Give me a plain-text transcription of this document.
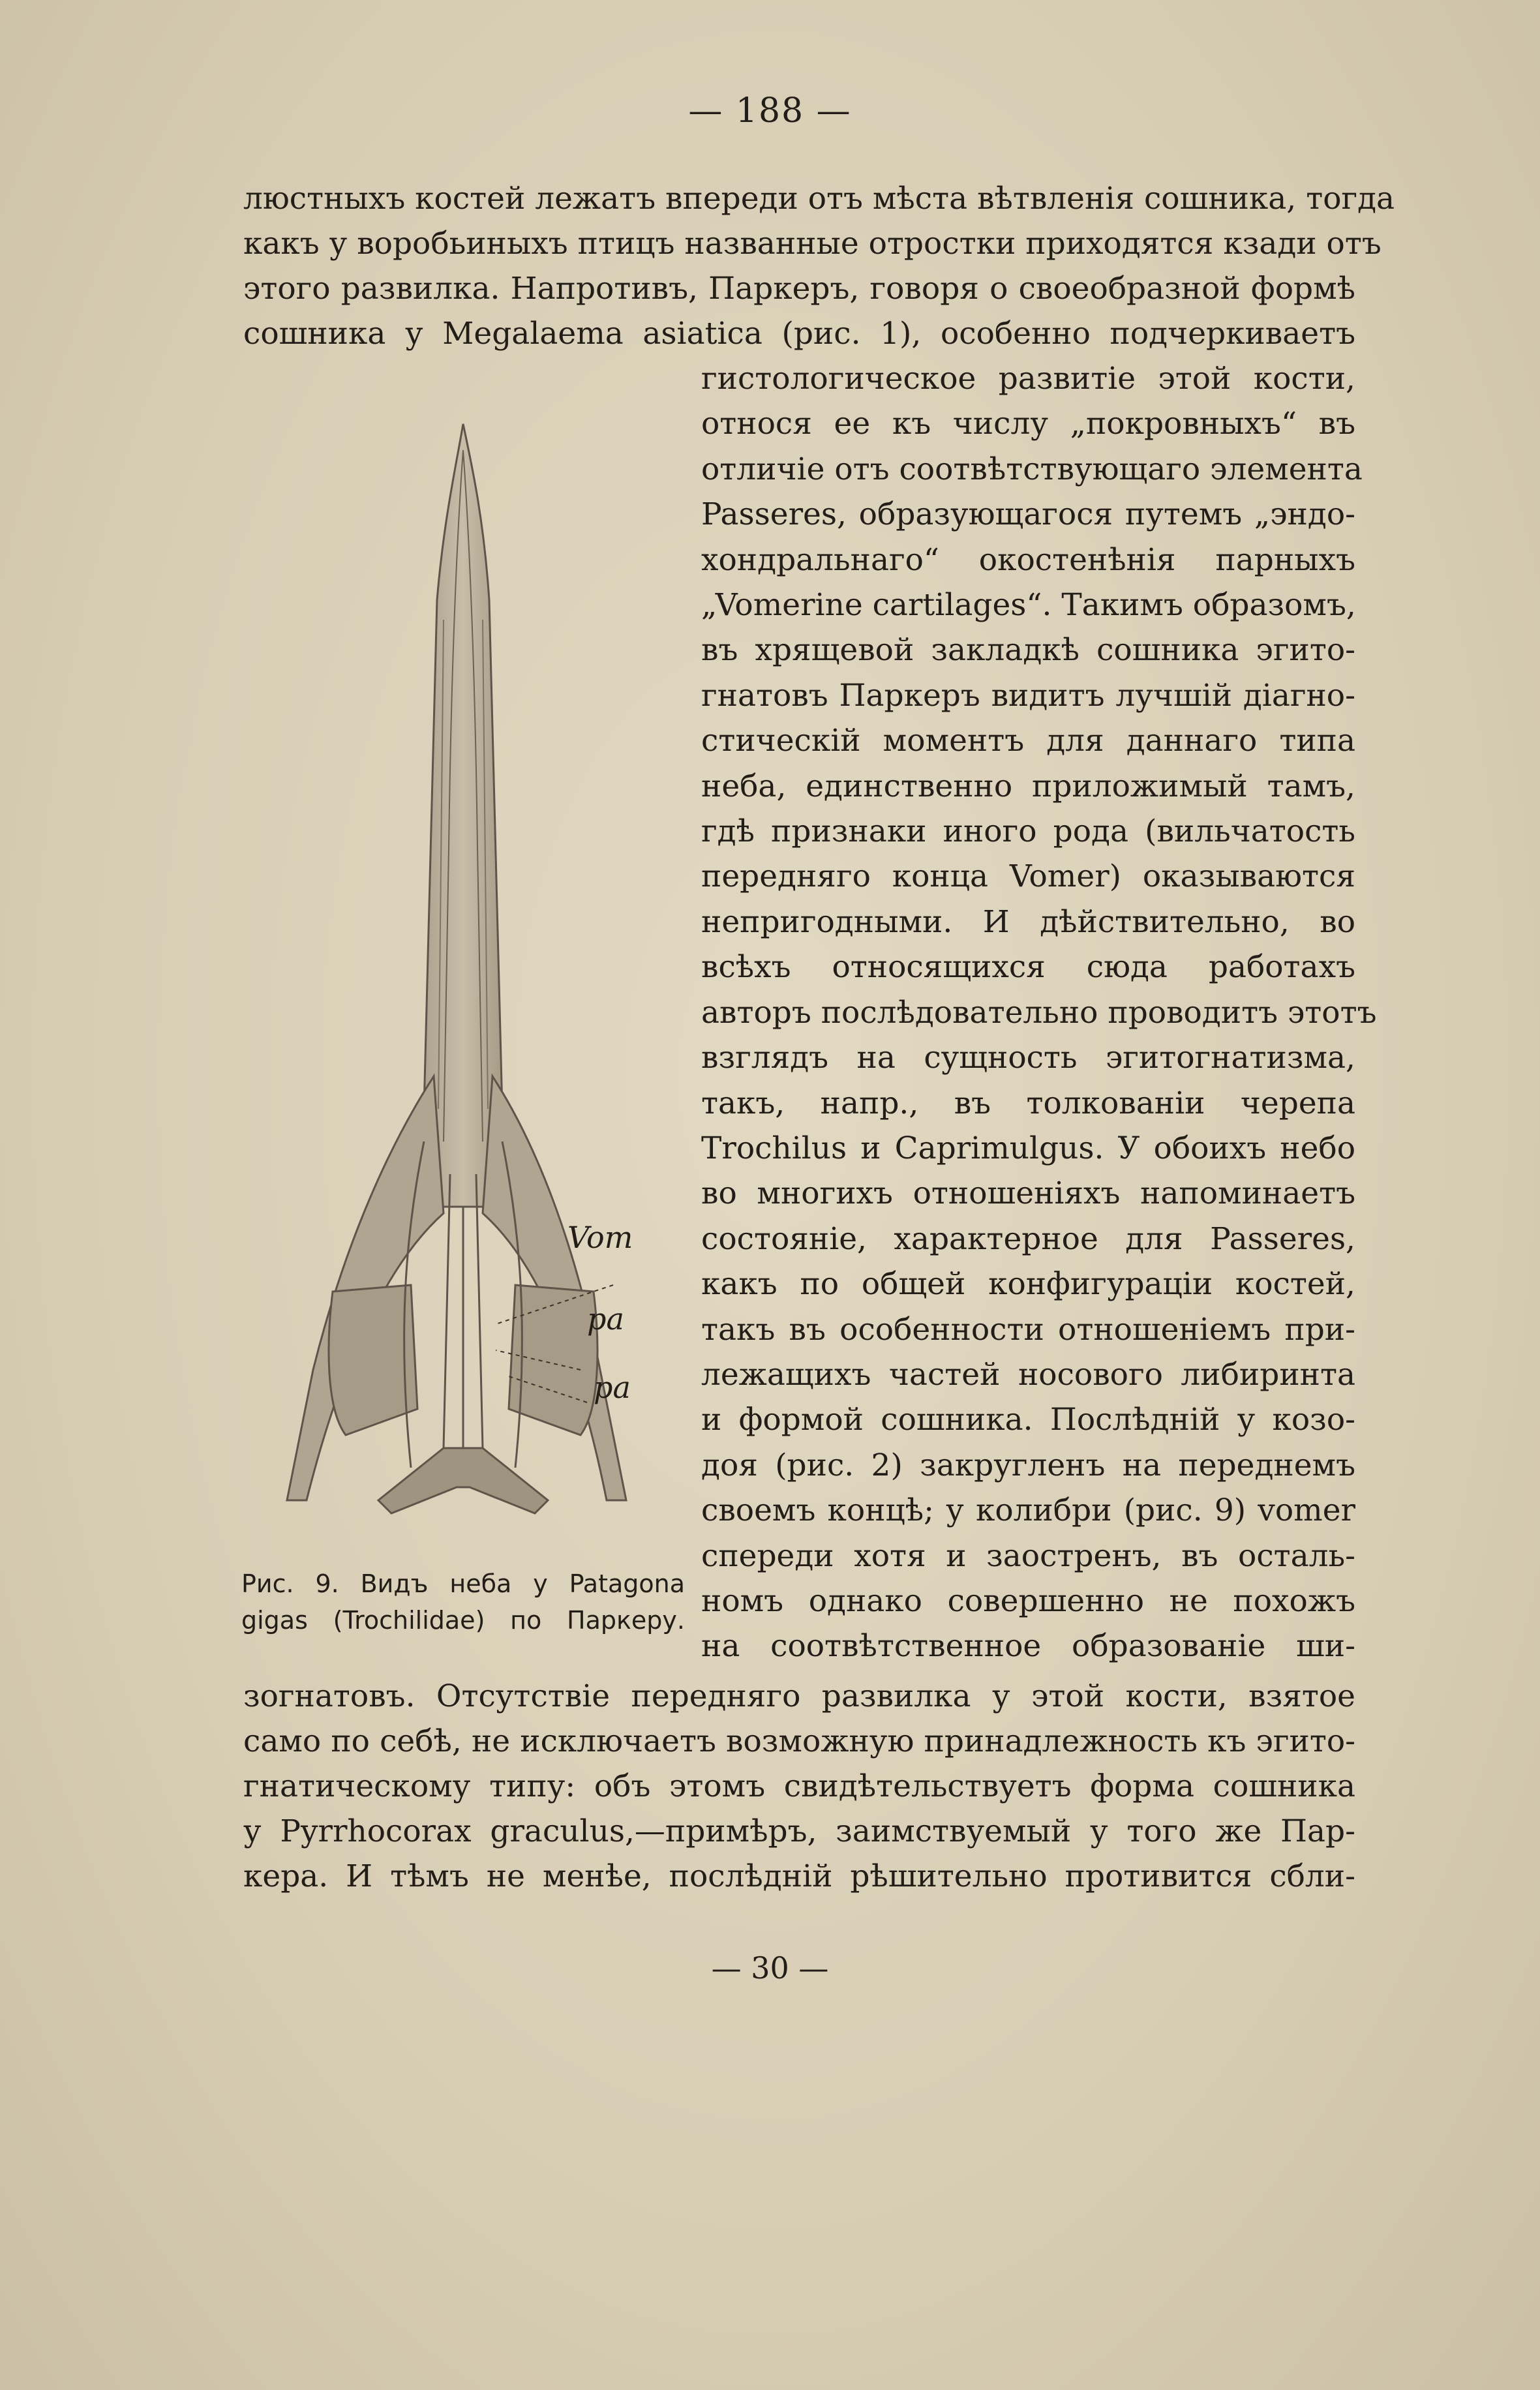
— 188 —
люстныхъ костей лежатъ впереди отъ мѣста вѣтвленія сошника, тогда
какъ у воробьиныхъ птицъ названные отростки приходятся кзади отъ
этого развилка. Напротивъ, Паркеръ, говоря о своеобразной формѣ
сошника у Megalaema asiatica (рис. 1), особенно подчеркиваетъ
гистологическое развитіе этой кости,
относя ее къ числу „покровныхъ“ въ
отличіе отъ соотвѣтствующаго элемента
Passeres, образующагося путемъ „эндо-
хондральнаго“ окостенѣнія парныхъ
„Vomerine cartilages“. Такимъ образомъ,
въ хрящевой закладкѣ сошника эгито-
гнатовъ Паркеръ видитъ лучшій діагно-
стическій моментъ для даннаго типа
неба, единственно приложимый тамъ,
гдѣ признаки иного рода (вильчатость
передняго конца Vomer) оказываются
непригодными. И дѣйствительно, во
всѣхъ относящихся сюда работахъ
авторъ послѣдовательно проводитъ этотъ
взглядъ на сущность эгитогнатизма,
такъ, напр., въ толкованіи черепа
Trochilus и Caprimulgus. У обоихъ небо
во многихъ отношеніяхъ напоминаетъ
состояніе, характерное для Passeres,
какъ по общей конфигураціи костей,
такъ въ особенности отношеніемъ при-
лежащихъ частей носового либиринта
и формой сошника. Послѣдній у козо-
доя (рис. 2) закругленъ на переднемъ
своемъ концѣ; у колибри (рис. 9) vomer
спереди хотя и заостренъ, въ осталь-
номъ однако совершенно не похожъ
на соотвѣтственное образованіе ши-
зогнатовъ. Отсутствіе передняго развилка у этой кости, взятое
само по себѣ, не исключаетъ возможную принадлежность къ эгито-
гнатическому типу: объ этомъ свидѣтельствуетъ форма сошника
у Pyrrhocorax graculus,—примѣръ, заимствуемый у того же Пар-
кера. И тѣмъ не менѣе, послѣдній рѣшительно противится сбли-
Vom
pa
pa
Рис. 9. Видъ неба у Patagona
gigas (Trochilidae) по Паркеру.
— 30 —
